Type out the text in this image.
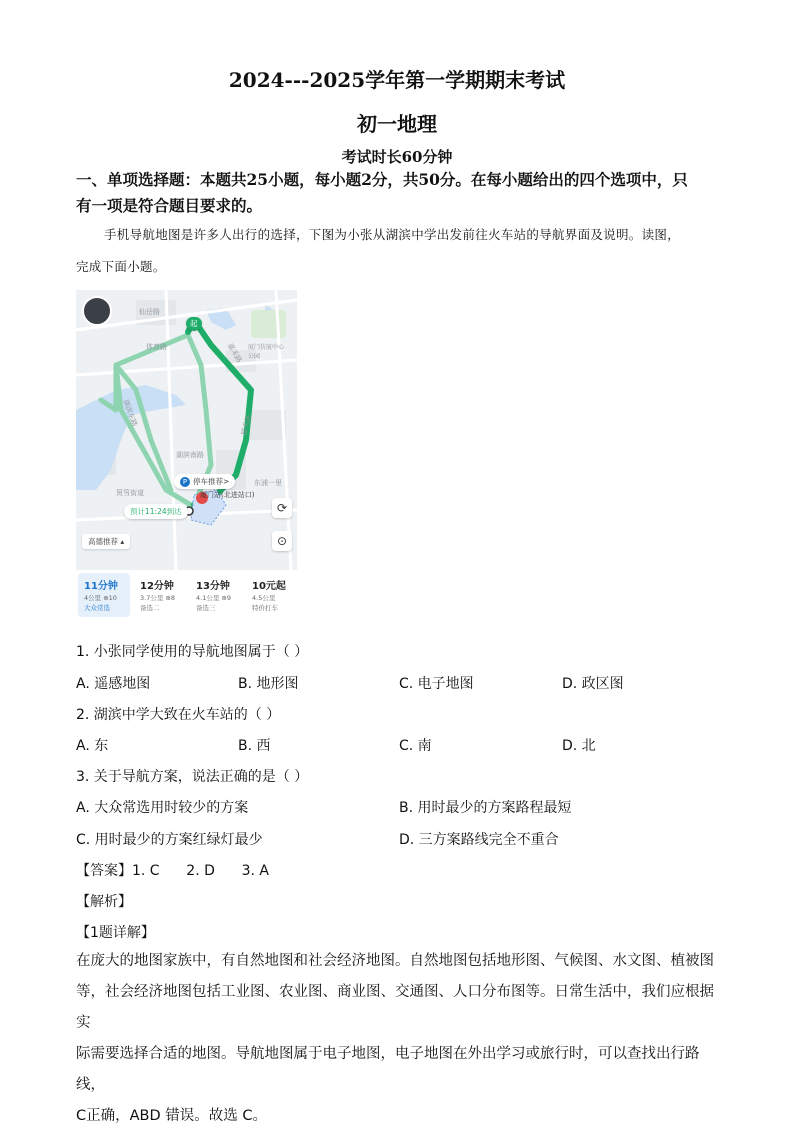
2024---2025学年第一学期期末考试
初一地理
考试时长60分钟
一、单项选择题：本题共25小题，每小题2分，共50分。在每小题给出的四个选项中，只
有一项是符合题目要求的。
手机导航地图是许多人出行的选择，下图为小张从湖滨中学出发前往火车站的导航界面及说明。读图，
完成下面小题。
仙岳路
体育路	嘉禾路
湖滨东路
湖滨南路
厦禾路
东浦一里
筼筜街道
厦门仿厦中心公园
起
P 停车推荐>
厦门站(北进站口)
预计11:24到达	⟳
⊙
高德推荐 ▴
11分钟
4公里 ⊕10
大众常选
12分钟
3.7公里 ⊕8
备选二
13分钟
4.1公里 ⊕9
备选三
10元起
4.5公里
特价打车
1. 小张同学使用的导航地图属于（ ）
A. 遥感地图	B. 地形图	C. 电子地图	D. 政区图
2. 湖滨中学大致在火车站的（ ）
A. 东	B. 西	C. 南	D. 北
3. 关于导航方案，说法正确的是（ ）
A. 大众常选用时较少的方案	B. 用时最少的方案路程最短
C. 用时最少的方案红绿灯最少	D. 三方案路线完全不重合
【答案】1. C      2. D      3. A
【解析】
【1题详解】
在庞大的地图家族中，有自然地图和社会经济地图。自然地图包括地形图、气候图、水文图、植被图
等，社会经济地图包括工业图、农业图、商业图、交通图、人口分布图等。日常生活中，我们应根据实
际需要选择合适的地图。导航地图属于电子地图，电子地图在外出学习或旅行时，可以查找出行路线，
C正确，ABD 错误。故选 C。
